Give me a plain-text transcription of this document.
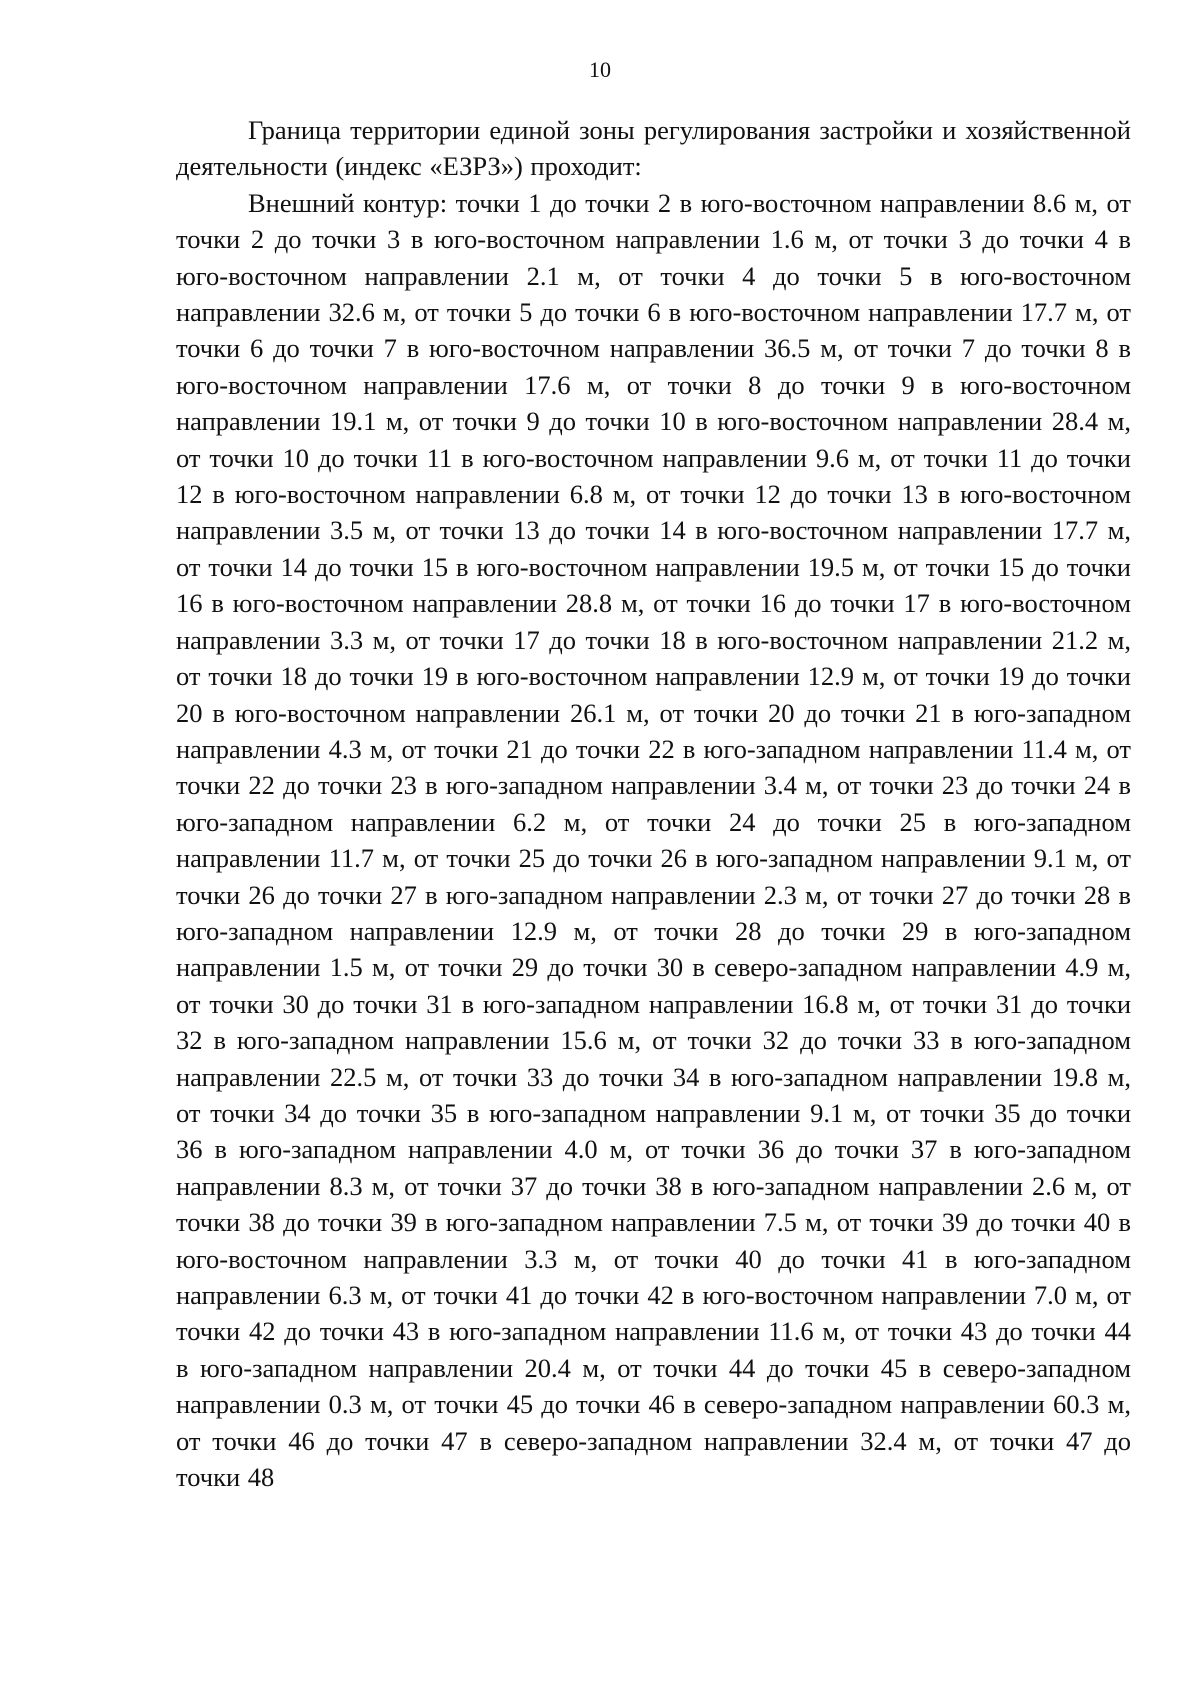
10

Граница территории единой зоны регулирования застройки и хозяйственной деятельности (индекс «ЕЗРЗ») проходит:

Внешний контур: точки 1 до точки 2 в юго-восточном направлении 8.6 м, от точки 2 до точки 3 в юго-восточном направлении 1.6 м, от точки 3 до точки 4 в юго-восточном направлении 2.1 м, от точки 4 до точки 5 в юго-восточном направлении 32.6 м, от точки 5 до точки 6 в юго-восточном направлении 17.7 м, от точки 6 до точки 7 в юго-восточном направлении 36.5 м, от точки 7 до точки 8 в юго-восточном направлении 17.6 м, от точки 8 до точки 9 в юго-восточном направлении 19.1 м, от точки 9 до точки 10 в юго-восточном направлении 28.4 м, от точки 10 до точки 11 в юго-восточном направлении 9.6 м, от точки 11 до точки 12 в юго-восточном направлении 6.8 м, от точки 12 до точки 13 в юго-восточном направлении 3.5 м, от точки 13 до точки 14 в юго-восточном направлении 17.7 м, от точки 14 до точки 15 в юго-восточном направлении 19.5 м, от точки 15 до точки 16 в юго-восточном направлении 28.8 м, от точки 16 до точки 17 в юго-восточном направлении 3.3 м, от точки 17 до точки 18 в юго-восточном направлении 21.2 м, от точки 18 до точки 19 в юго-восточном направлении 12.9 м, от точки 19 до точки 20 в юго-восточном направлении 26.1 м, от точки 20 до точки 21 в юго-западном направлении 4.3 м, от точки 21 до точки 22 в юго-западном направлении 11.4 м, от точки 22 до точки 23 в юго-западном направлении 3.4 м, от точки 23 до точки 24 в юго-западном направлении 6.2 м, от точки 24 до точки 25 в юго-западном направлении 11.7 м, от точки 25 до точки 26 в юго-западном направлении 9.1 м, от точки 26 до точки 27 в юго-западном направлении 2.3 м, от точки 27 до точки 28 в юго-западном направлении 12.9 м, от точки 28 до точки 29 в юго-западном направлении 1.5 м, от точки 29 до точки 30 в северо-западном направлении 4.9 м, от точки 30 до точки 31 в юго-западном направлении 16.8 м, от точки 31 до точки 32 в юго-западном направлении 15.6 м, от точки 32 до точки 33 в юго-западном направлении 22.5 м, от точки 33 до точки 34 в юго-западном направлении 19.8 м, от точки 34 до точки 35 в юго-западном направлении 9.1 м, от точки 35 до точки 36 в юго-западном направлении 4.0 м, от точки 36 до точки 37 в юго-западном направлении 8.3 м, от точки 37 до точки 38 в юго-западном направлении 2.6 м, от точки 38 до точки 39 в юго-западном направлении 7.5 м, от точки 39 до точки 40 в юго-восточном направлении 3.3 м, от точки 40 до точки 41 в юго-западном направлении 6.3 м, от точки 41 до точки 42 в юго-восточном направлении 7.0 м, от точки 42 до точки 43 в юго-западном направлении 11.6 м, от точки 43 до точки 44 в юго-западном направлении 20.4 м, от точки 44 до точки 45 в северо-западном направлении 0.3 м, от точки 45 до точки 46 в северо-западном направлении 60.3 м, от точки 46 до точки 47 в северо-западном направлении 32.4 м, от точки 47 до точки 48
